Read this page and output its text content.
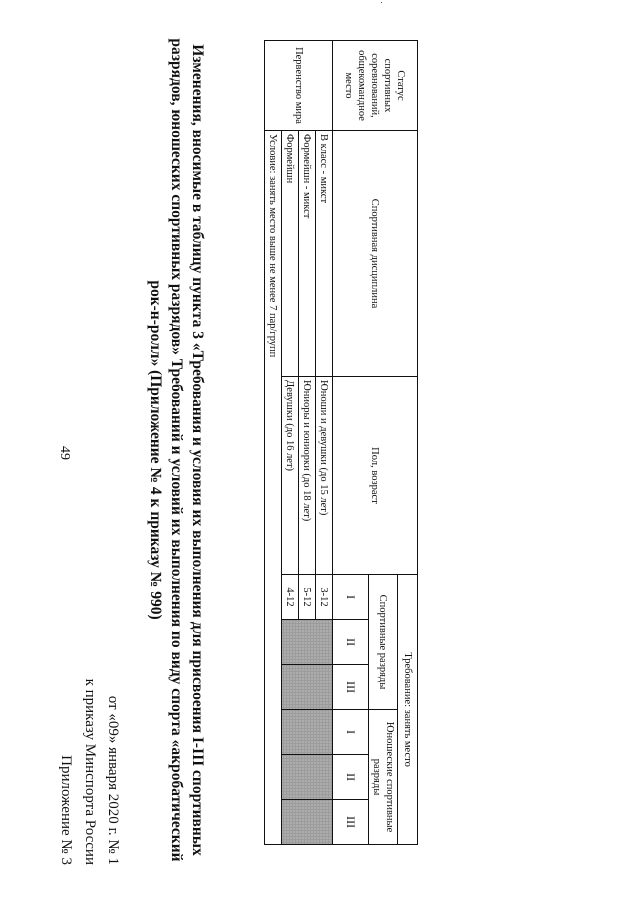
49
Приложение № 3 к приказу Минспорта России от «09» января 2020 г. № 1	Изменения, вносимые в таблицу пункта 3 «Требования и условия их выполнения для присвоения I-III спортивных
разрядов, юношеских спортивных разрядов» Требований и условий их выполнения по виду спорта «акробатический
рок-н-ролл» (Приложение № 4 к приказу № 990)
Статус спортивных соревнований, общекомандное место	Спортивная дисциплина	Пол, возраст	Требование: занять место					
			Спортивные разряды			Юношеские спортивные разряды		
			I	II	III	I	II	III
Первенство мира	В класс - микст	Юноши и девушки (до 15 лет)	3-12					
	Формейшн - микст	Юниоры и юниорки (до 18 лет)	5-12					
	Формейшн	Девушки (до 16 лет)	4-12					
	Условие: занять место выше не менее 7 пар/групп							
